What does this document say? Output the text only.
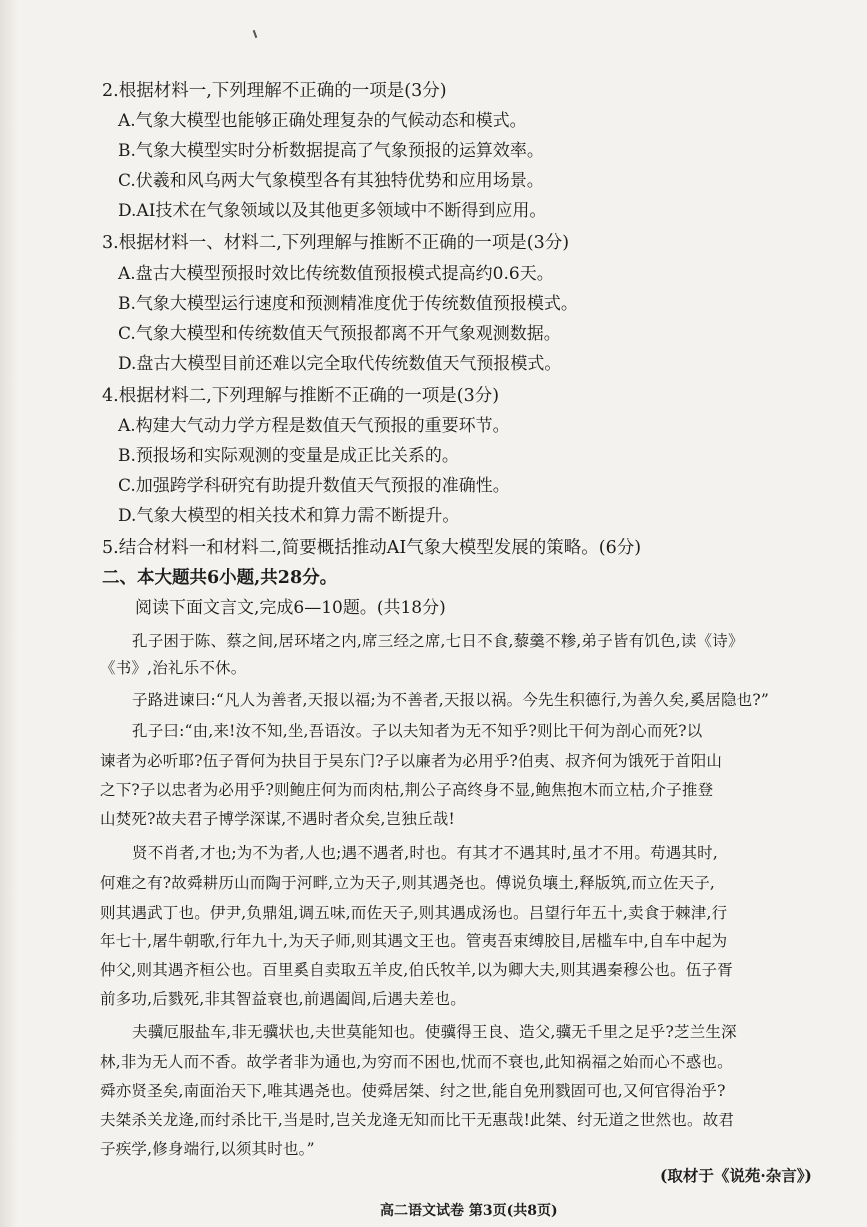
2.根据材料一,下列理解不正确的一项是(3分)
A.气象大模型也能够正确处理复杂的气候动态和模式。
B.气象大模型实时分析数据提高了气象预报的运算效率。
C.伏羲和风乌两大气象模型各有其独特优势和应用场景。
D.AI技术在气象领域以及其他更多领域中不断得到应用。
3.根据材料一、材料二,下列理解与推断不正确的一项是(3分)
A.盘古大模型预报时效比传统数值预报模式提高约0.6天。
B.气象大模型运行速度和预测精准度优于传统数值预报模式。
C.气象大模型和传统数值天气预报都离不开气象观测数据。
D.盘古大模型目前还难以完全取代传统数值天气预报模式。
4.根据材料二,下列理解与推断不正确的一项是(3分)
A.构建大气动力学方程是数值天气预报的重要环节。
B.预报场和实际观测的变量是成正比关系的。
C.加强跨学科研究有助提升数值天气预报的准确性。
D.气象大模型的相关技术和算力需不断提升。
5.结合材料一和材料二,简要概括推动AI气象大模型发展的策略。(6分)
二、本大题共6小题,共28分。
阅读下面文言文,完成6—10题。(共18分)
孔子困于陈、蔡之间,居环堵之内,席三经之席,七日不食,藜羹不糁,弟子皆有饥色,读《诗》
《书》,治礼乐不休。
子路进谏曰:“凡人为善者,天报以福;为不善者,天报以祸。今先生积德行,为善久矣,奚居隐也?”
孔子曰:“由,来!汝不知,坐,吾语汝。子以夫知者为无不知乎?则比干何为剖心而死?以
谏者为必听耶?伍子胥何为抉目于吴东门?子以廉者为必用乎?伯夷、叔齐何为饿死于首阳山
之下?子以忠者为必用乎?则鲍庄何为而肉枯,荆公子高终身不显,鲍焦抱木而立枯,介子推登
山焚死?故夫君子博学深谋,不遇时者众矣,岂独丘哉!
贤不肖者,才也;为不为者,人也;遇不遇者,时也。有其才不遇其时,虽才不用。苟遇其时,
何难之有?故舜耕历山而陶于河畔,立为天子,则其遇尧也。傅说负壤土,释版筑,而立佐天子,
则其遇武丁也。伊尹,负鼎俎,调五味,而佐天子,则其遇成汤也。吕望行年五十,卖食于棘津,行
年七十,屠牛朝歌,行年九十,为天子师,则其遇文王也。管夷吾束缚胶目,居槛车中,自车中起为
仲父,则其遇齐桓公也。百里奚自卖取五羊皮,伯氏牧羊,以为卿大夫,则其遇秦穆公也。伍子胥
前多功,后戮死,非其智益衰也,前遇阖闾,后遇夫差也。
夫骥厄服盐车,非无骥状也,夫世莫能知也。使骥得王良、造父,骥无千里之足乎?芝兰生深
林,非为无人而不香。故学者非为通也,为穷而不困也,忧而不衰也,此知祸福之始而心不惑也。
舜亦贤圣矣,南面治天下,唯其遇尧也。使舜居桀、纣之世,能自免刑戮固可也,又何官得治乎?
夫桀杀关龙逄,而纣杀比干,当是时,岂关龙逄无知而比干无惠哉!此桀、纣无道之世然也。故君
子疾学,修身端行,以须其时也。”
(取材于《说苑·杂言》)
高二语文试卷 第3页(共8页)
